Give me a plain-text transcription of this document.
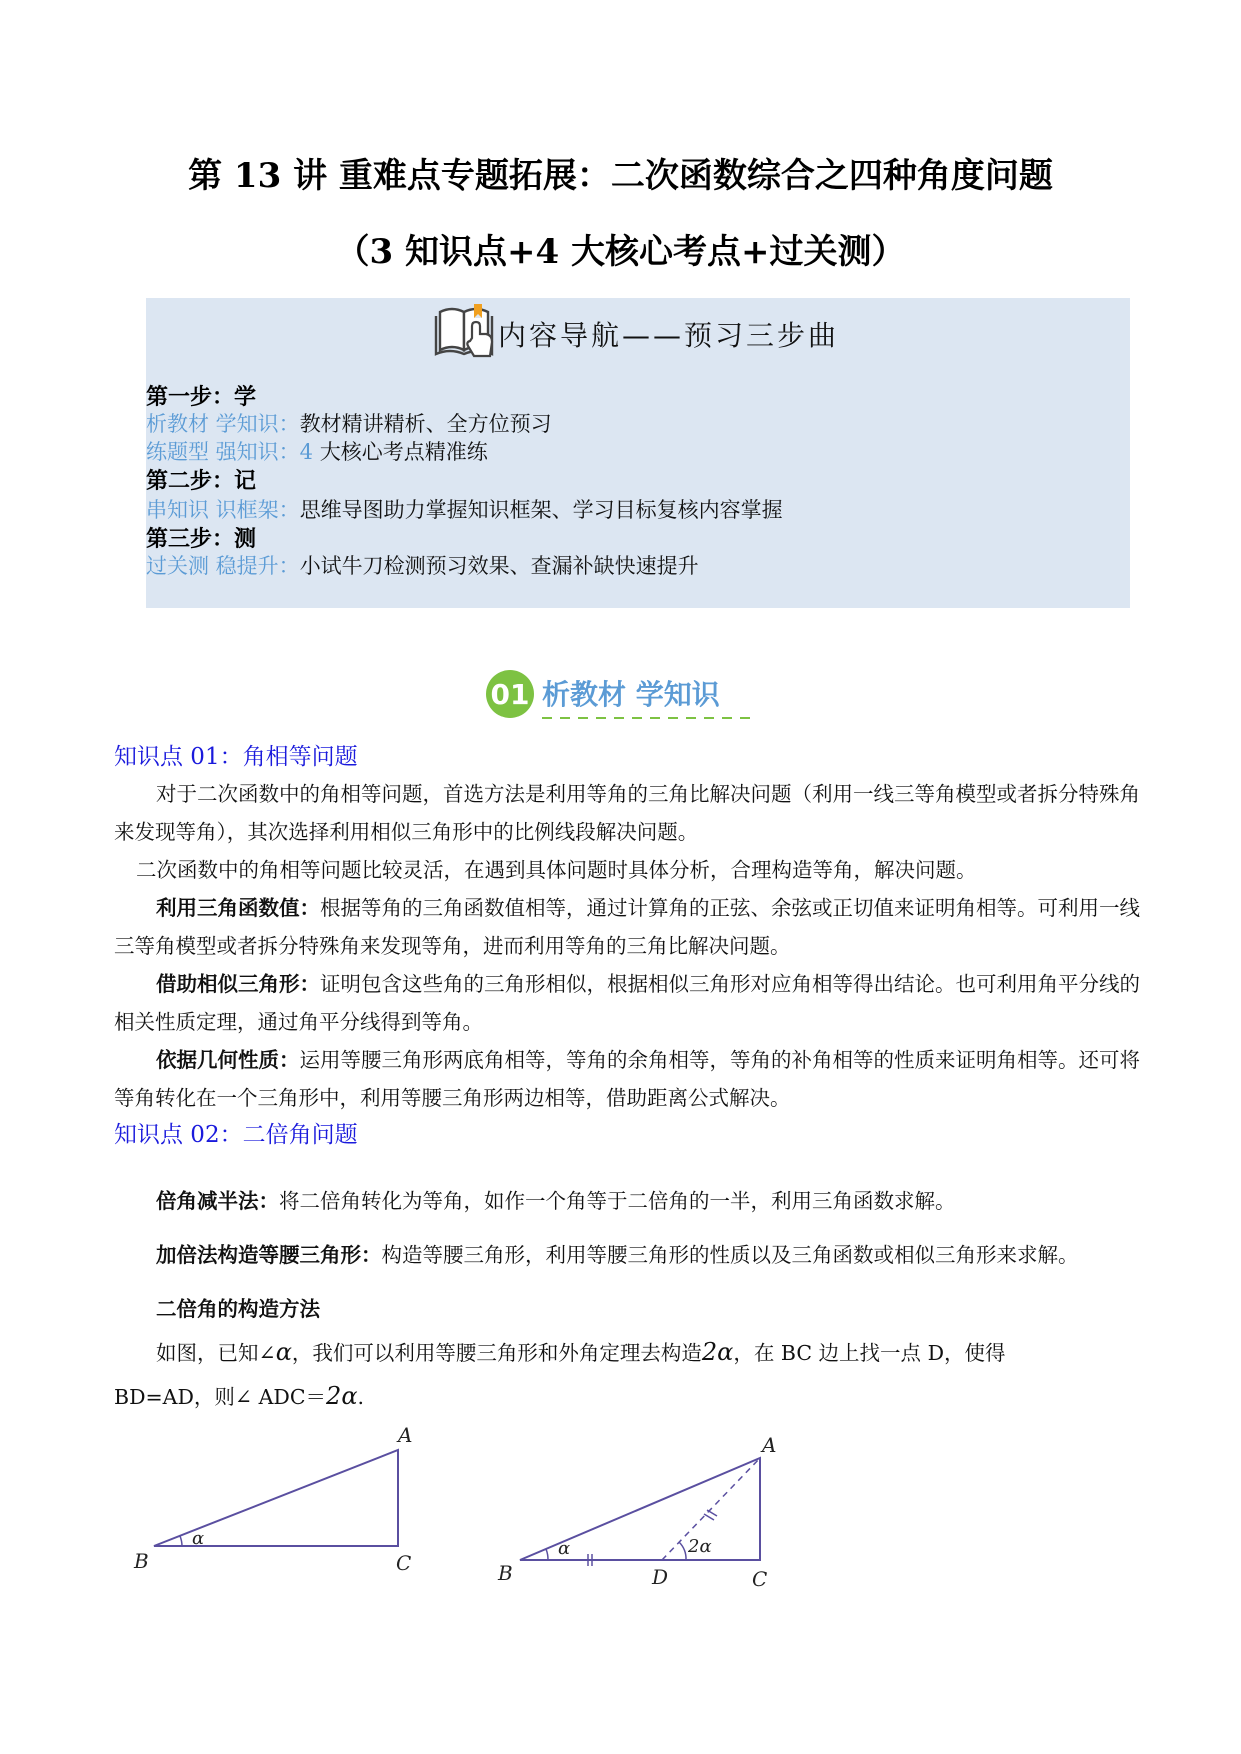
第 13 讲 重难点专题拓展：二次函数综合之四种角度问题
（3 知识点+4 大核心考点+过关测）
内容导航——预习三步曲
第一步：学
析教材 学知识：教材精讲精析、全方位预习
练题型 强知识：4 大核心考点精准练
第二步：记
串知识 识框架：思维导图助力掌握知识框架、学习目标复核内容掌握
第三步：测
过关测 稳提升：小试牛刀检测预习效果、查漏补缺快速提升
01 析教材 学知识
知识点 01：角相等问题
对于二次函数中的角相等问题，首选方法是利用等角的三角比解决问题（利用一线三等角模型或者拆分特殊角来发现等角），其次选择利用相似三角形中的比例线段解决问题。
二次函数中的角相等问题比较灵活，在遇到具体问题时具体分析，合理构造等角，解决问题。
利用三角函数值：根据等角的三角函数值相等，通过计算角的正弦、余弦或正切值来证明角相等。可利用一线三等角模型或者拆分特殊角来发现等角，进而利用等角的三角比解决问题。
借助相似三角形：证明包含这些角的三角形相似，根据相似三角形对应角相等得出结论。也可利用角平分线的相关性质定理，通过角平分线得到等角。
依据几何性质：运用等腰三角形两底角相等，等角的余角相等，等角的补角相等的性质来证明角相等。还可将等角转化在一个三角形中，利用等腰三角形两边相等，借助距离公式解决。
知识点 02：二倍角问题
倍角减半法：将二倍角转化为等角，如作一个角等于二倍角的一半，利用三角函数求解。
加倍法构造等腰三角形：构造等腰三角形，利用等腰三角形的性质以及三角函数或相似三角形来求解。
二倍角的构造方法
如图，已知∠α，我们可以利用等腰三角形和外角定理去构造2α，在 BC 边上找一点 D，使得
BD=AD，则∠ ADC＝2α.
α
A
B	C
α	2α
A
B	D	C
